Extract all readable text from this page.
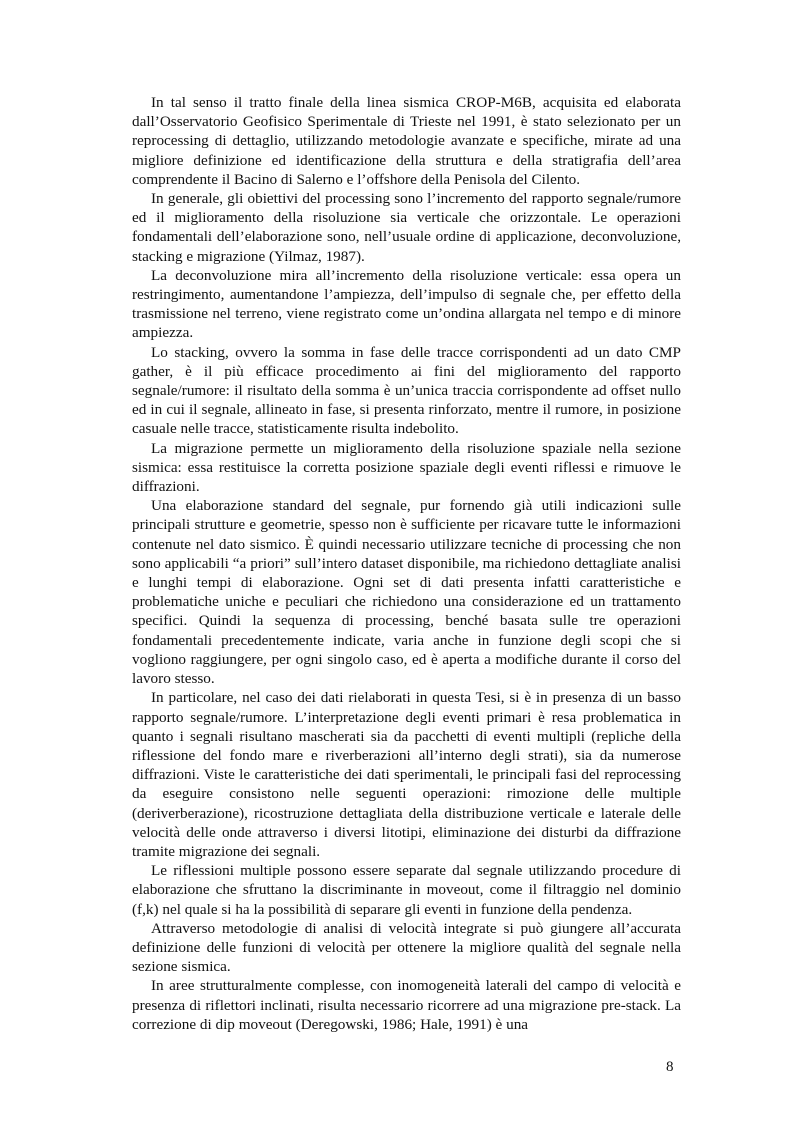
In tal senso il tratto finale della linea sismica CROP-M6B, acquisita ed elaborata dall’Osservatorio Geofisico Sperimentale di Trieste nel 1991, è stato selezionato per un reprocessing di dettaglio, utilizzando metodologie avanzate e specifiche, mirate ad una migliore definizione ed identificazione della struttura e della stratigrafia dell’area comprendente il Bacino di Salerno e l’offshore della Penisola del Cilento.

In generale, gli obiettivi del processing sono l’incremento del rapporto segnale/rumore ed il miglioramento della risoluzione sia verticale che orizzontale. Le operazioni fondamentali dell’elaborazione sono, nell’usuale ordine di applicazione, deconvoluzione, stacking e migrazione (Yilmaz, 1987).

La deconvoluzione mira all’incremento della risoluzione verticale: essa opera un restringimento, aumentandone l’ampiezza, dell’impulso di segnale che, per effetto della trasmissione nel terreno, viene registrato come un’ondina allargata nel tempo e di minore ampiezza.

Lo stacking, ovvero la somma in fase delle tracce corrispondenti ad un dato CMP gather, è il più efficace procedimento ai fini del miglioramento del rapporto segnale/rumore: il risultato della somma è un’unica traccia corrispondente ad offset nullo ed in cui il segnale, allineato in fase, si presenta rinforzato, mentre il rumore, in posizione casuale nelle tracce, statisticamente risulta indebolito.

La migrazione permette un miglioramento della risoluzione spaziale nella sezione sismica: essa restituisce la corretta posizione spaziale degli eventi riflessi e rimuove le diffrazioni.

Una elaborazione standard del segnale, pur fornendo già utili indicazioni sulle principali strutture e geometrie, spesso non è sufficiente per ricavare tutte le informazioni contenute nel dato sismico. È quindi necessario utilizzare tecniche di processing che non sono applicabili “a priori” sull’intero dataset disponibile, ma richiedono dettagliate analisi e lunghi tempi di elaborazione. Ogni set di dati presenta infatti caratteristiche e problematiche uniche e peculiari che richiedono una considerazione ed un trattamento specifici. Quindi la sequenza di processing, benché basata sulle tre operazioni fondamentali precedentemente indicate, varia anche in funzione degli scopi che si vogliono raggiungere, per ogni singolo caso, ed è aperta a modifiche durante il corso del lavoro stesso.

In particolare, nel caso dei dati rielaborati in questa Tesi, si è in presenza di un basso rapporto segnale/rumore. L’interpretazione degli eventi primari è resa problematica in quanto i segnali risultano mascherati sia da pacchetti di eventi multipli (repliche della riflessione del fondo mare e riverberazioni all’interno degli strati), sia da numerose diffrazioni. Viste le caratteristiche dei dati sperimentali, le principali fasi del reprocessing da eseguire consistono nelle seguenti operazioni: rimozione delle multiple (deriverberazione), ricostruzione dettagliata della distribuzione verticale e laterale delle velocità delle onde attraverso i diversi litotipi, eliminazione dei disturbi da diffrazione tramite migrazione dei segnali.

Le riflessioni multiple possono essere separate dal segnale utilizzando procedure di elaborazione che sfruttano la discriminante in moveout, come il filtraggio nel dominio (f,k) nel quale si ha la possibilità di separare gli eventi in funzione della pendenza.

Attraverso metodologie di analisi di velocità integrate si può giungere all’accurata definizione delle funzioni di velocità per ottenere la migliore qualità del segnale nella sezione sismica.

In aree strutturalmente complesse, con inomogeneità laterali del campo di velocità e presenza di riflettori inclinati, risulta necessario ricorrere ad una migrazione pre-stack. La correzione di dip moveout (Deregowski, 1986; Hale, 1991) è una

8
